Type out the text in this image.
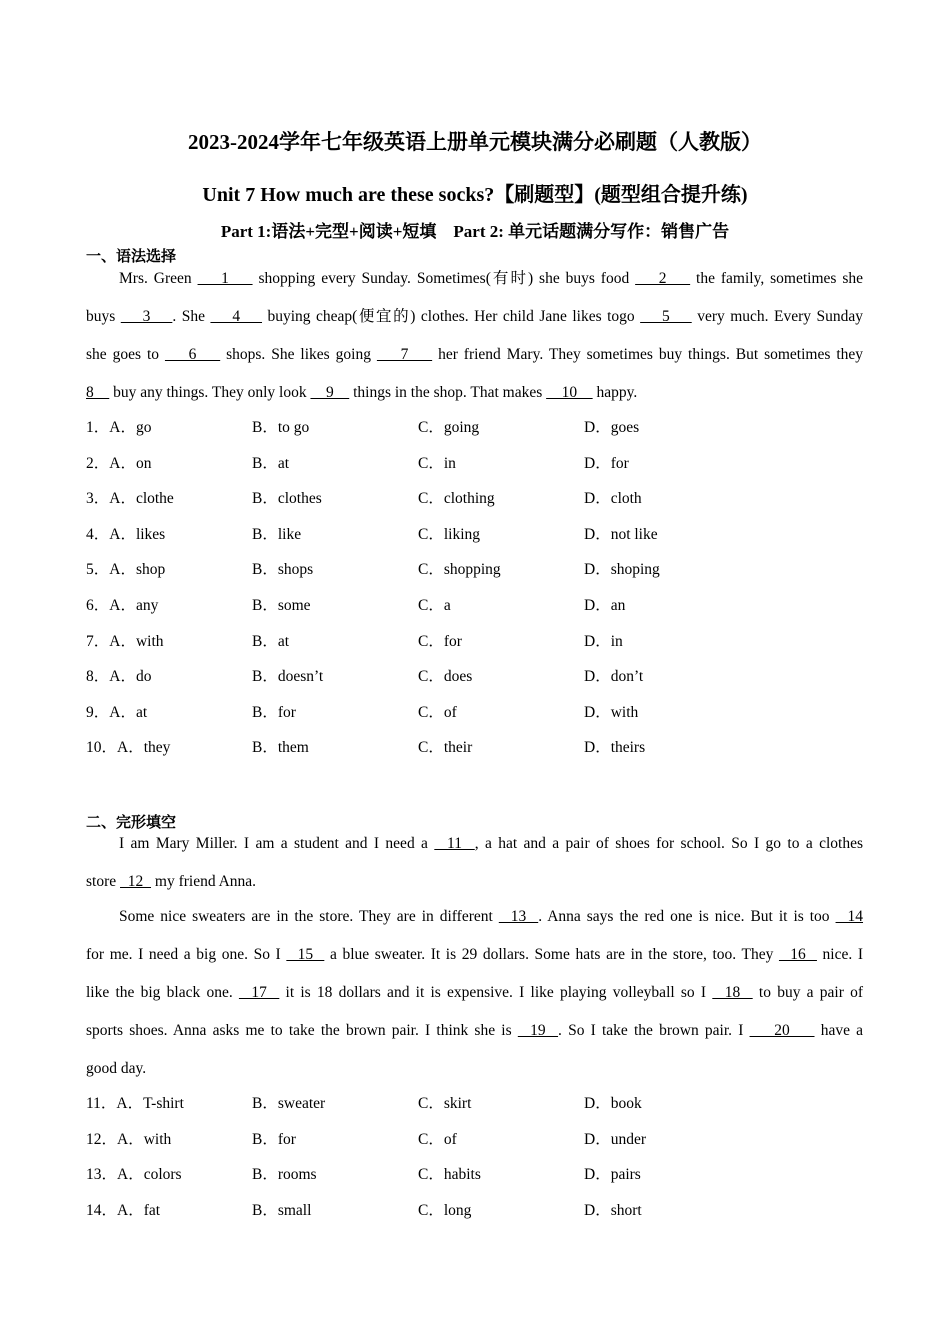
2023-2024学年七年级英语上册单元模块满分必刷题（人教版）
Unit 7 How much are these socks?【刷题型】(题型组合提升练)
Part 1:语法+完型+阅读+短填　Part 2: 单元话题满分写作：销售广告
一、语法选择
Mrs. Green     1     shopping every Sunday. Sometimes(有时) she buys food     2     the family, sometimes she
buys     3    . She     4     buying cheap(便宜的) clothes. Her child Jane likes togo     5     very much. Every Sunday
she goes to     6     shops. She likes going     7     her friend Mary. They sometimes buy things. But sometimes they
8     buy any things. They only look     9     things in the shop. That makes     10     happy.
1．A．go	B．to go	C．going	D．goes
2．A．on	B．at	C．in	D．for
3．A．clothe	B．clothes	C．clothing	D．cloth
4．A．likes	B．like	C．liking	D．not like
5．A．shop	B．shops	C．shopping	D．shoping
6．A．any	B．some	C．a	D．an
7．A．with	B．at	C．for	D．in
8．A．do	B．doesn’t	C．does	D．don’t
9．A．at	B．for	C．of	D．with
10．A．they	B．them	C．their	D．theirs
二、完形填空
I am Mary Miller. I am a student and I need a   11  , a hat and a pair of shoes for school. So I go to a clothes
store   12   my friend Anna.
Some nice sweaters are in the store. They are in different   13  . Anna says the red one is nice. But it is too   14
for me. I need a big one. So I   15   a blue sweater. It is 29 dollars. Some hats are in the store, too. They   16   nice. I
like the big black one.   17   it is 18 dollars and it is expensive. I like playing volleyball so I   18   to buy a pair of
sports shoes. Anna asks me to take the brown pair. I think she is   19  . So I take the brown pair. I     20     have a
good day.
11．A．T-shirt	B．sweater	C．skirt	D．book
12．A．with	B．for	C．of	D．under
13．A．colors	B．rooms	C．habits	D．pairs
14．A．fat	B．small	C．long	D．short
